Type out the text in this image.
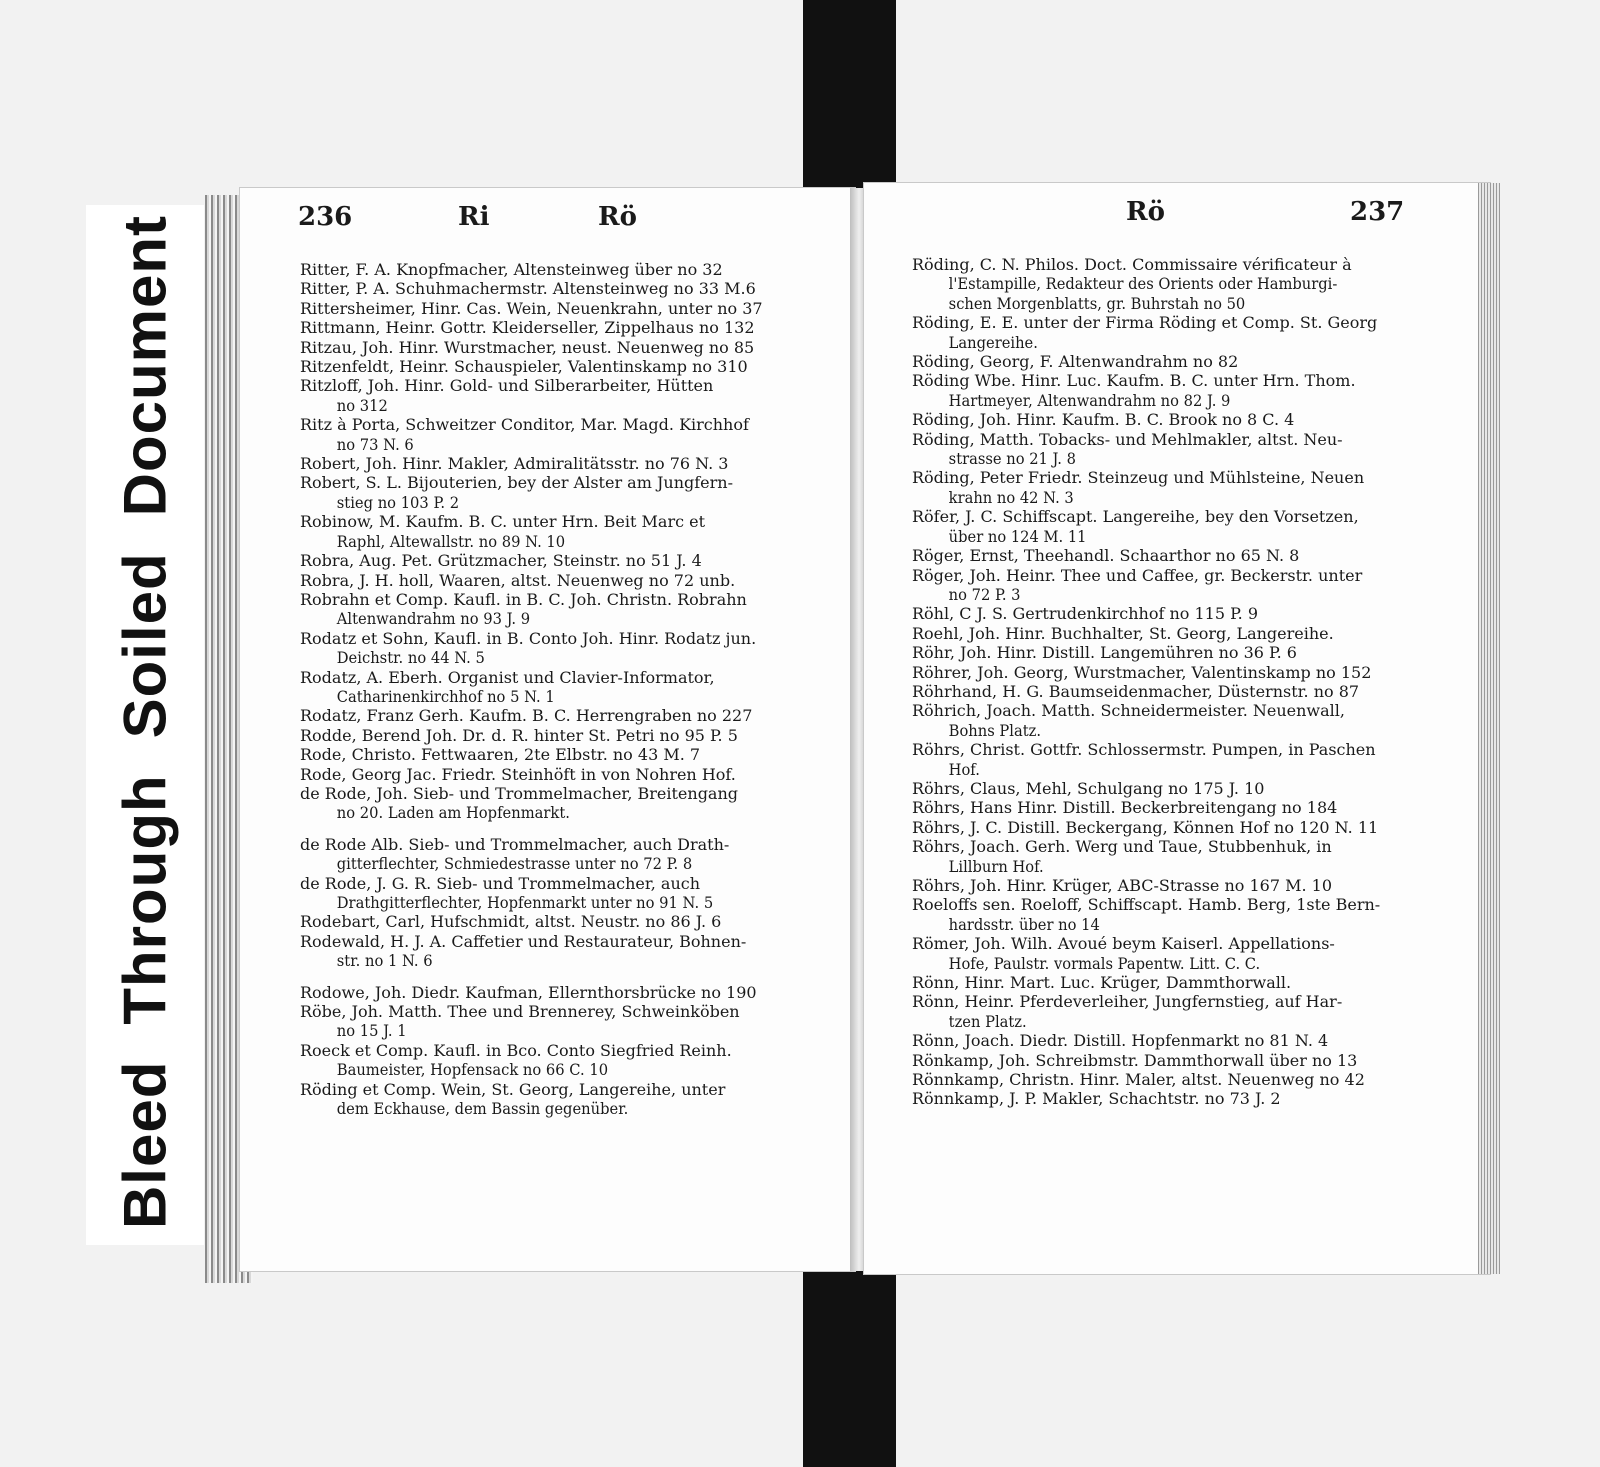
BleedThroughSoiledDocument	236	Ri	Rö
Ritter, F. A. Knopfmacher, Altensteinweg über no 32
Ritter, P. A. Schuhmachermstr. Altensteinweg no 33 M.6
Rittersheimer, Hinr. Cas. Wein, Neuenkrahn, unter no 37
Rittmann, Heinr. Gottr. Kleiderseller, Zippelhaus no 132
Ritzau, Joh. Hinr. Wurstmacher, neust. Neuenweg no 85
Ritzenfeldt, Heinr. Schauspieler, Valentinskamp no 310
Ritzloff, Joh. Hinr. Gold- und Silberarbeiter, Hütten
no 312
Ritz à Porta, Schweitzer Conditor, Mar. Magd. Kirchhof
no 73 N. 6
Robert, Joh. Hinr. Makler, Admiralitätsstr. no 76 N. 3
Robert, S. L. Bijouterien, bey der Alster am Jungfern-
stieg no 103 P. 2
Robinow, M. Kaufm. B. C. unter Hrn. Beit Marc et
Raphl, Altewallstr. no 89 N. 10
Robra, Aug. Pet. Grützmacher, Steinstr. no 51 J. 4
Robra, J. H. holl, Waaren, altst. Neuenweg no 72 unb.
Robrahn et Comp. Kaufl. in B. C. Joh. Christn. Robrahn
Altenwandrahm no 93 J. 9
Rodatz et Sohn, Kaufl. in B. Conto Joh. Hinr. Rodatz jun.
Deichstr. no 44 N. 5
Rodatz, A. Eberh. Organist und Clavier-Informator,
Catharinenkirchhof no 5 N. 1
Rodatz, Franz Gerh. Kaufm. B. C. Herrengraben no 227
Rodde, Berend Joh. Dr. d. R. hinter St. Petri no 95 P. 5
Rode, Christo. Fettwaaren, 2te Elbstr. no 43 M. 7
Rode, Georg Jac. Friedr. Steinhöft in von Nohren Hof.
de Rode, Joh. Sieb- und Trommelmacher, Breitengang
no 20. Laden am Hopfenmarkt.
de Rode Alb. Sieb- und Trommelmacher, auch Drath-
gitterflechter, Schmiedestrasse unter no 72 P. 8
de Rode, J. G. R. Sieb- und Trommelmacher, auch
Drathgitterflechter, Hopfenmarkt unter no 91 N. 5
Rodebart, Carl, Hufschmidt, altst. Neustr. no 86 J. 6
Rodewald, H. J. A. Caffetier und Restaurateur, Bohnen-
str. no 1 N. 6
Rodowe, Joh. Diedr. Kaufman, Ellernthorsbrücke no 190
Röbe, Joh. Matth. Thee und Brennerey, Schweinköben
no 15 J. 1
Roeck et Comp. Kaufl. in Bco. Conto Siegfried Reinh.
Baumeister, Hopfensack no 66 C. 10
Röding et Comp. Wein, St. Georg, Langereihe, unter
dem Eckhause, dem Bassin gegenüber.
Rö	237
Röding, C. N. Philos. Doct. Commissaire vérificateur à
l'Estampille, Redakteur des Orients oder Hamburgi-
schen Morgenblatts, gr. Buhrstah no 50
Röding, E. E. unter der Firma Röding et Comp. St. Georg
Langereihe.
Röding, Georg, F. Altenwandrahm no 82
Röding Wbe. Hinr. Luc. Kaufm. B. C. unter Hrn. Thom.
Hartmeyer, Altenwandrahm no 82 J. 9
Röding, Joh. Hinr. Kaufm. B. C. Brook no 8 C. 4
Röding, Matth. Tobacks- und Mehlmakler, altst. Neu-
strasse no 21 J. 8
Röding, Peter Friedr. Steinzeug und Mühlsteine, Neuen
krahn no 42 N. 3
Röfer, J. C. Schiffscapt. Langereihe, bey den Vorsetzen,
über no 124 M. 11
Röger, Ernst, Theehandl. Schaarthor no 65 N. 8
Röger, Joh. Heinr. Thee und Caffee, gr. Beckerstr. unter
no 72 P. 3
Röhl, C J. S. Gertrudenkirchhof no 115 P. 9
Roehl, Joh. Hinr. Buchhalter, St. Georg, Langereihe.
Röhr, Joh. Hinr. Distill. Langemühren no 36 P. 6
Röhrer, Joh. Georg, Wurstmacher, Valentinskamp no 152
Röhrhand, H. G. Baumseidenmacher, Düsternstr. no 87
Röhrich, Joach. Matth. Schneidermeister. Neuenwall,
Bohns Platz.
Röhrs, Christ. Gottfr. Schlossermstr. Pumpen, in Paschen
Hof.
Röhrs, Claus, Mehl, Schulgang no 175 J. 10
Röhrs, Hans Hinr. Distill. Beckerbreitengang no 184
Röhrs, J. C. Distill. Beckergang, Können Hof no 120 N. 11
Röhrs, Joach. Gerh. Werg und Taue, Stubbenhuk, in
Lillburn Hof.
Röhrs, Joh. Hinr. Krüger, ABC-Strasse no 167 M. 10
Roeloffs sen. Roeloff, Schiffscapt. Hamb. Berg, 1ste Bern-
hardsstr. über no 14
Römer, Joh. Wilh. Avoué beym Kaiserl. Appellations-
Hofe, Paulstr. vormals Papentw. Litt. C. C.
Rönn, Hinr. Mart. Luc. Krüger, Dammthorwall.
Rönn, Heinr. Pferdeverleiher, Jungfernstieg, auf Har-
tzen Platz.
Rönn, Joach. Diedr. Distill. Hopfenmarkt no 81 N. 4
Rönkamp, Joh. Schreibmstr. Dammthorwall über no 13
Rönnkamp, Christn. Hinr. Maler, altst. Neuenweg no 42
Rönnkamp, J. P. Makler, Schachtstr. no 73 J. 2
